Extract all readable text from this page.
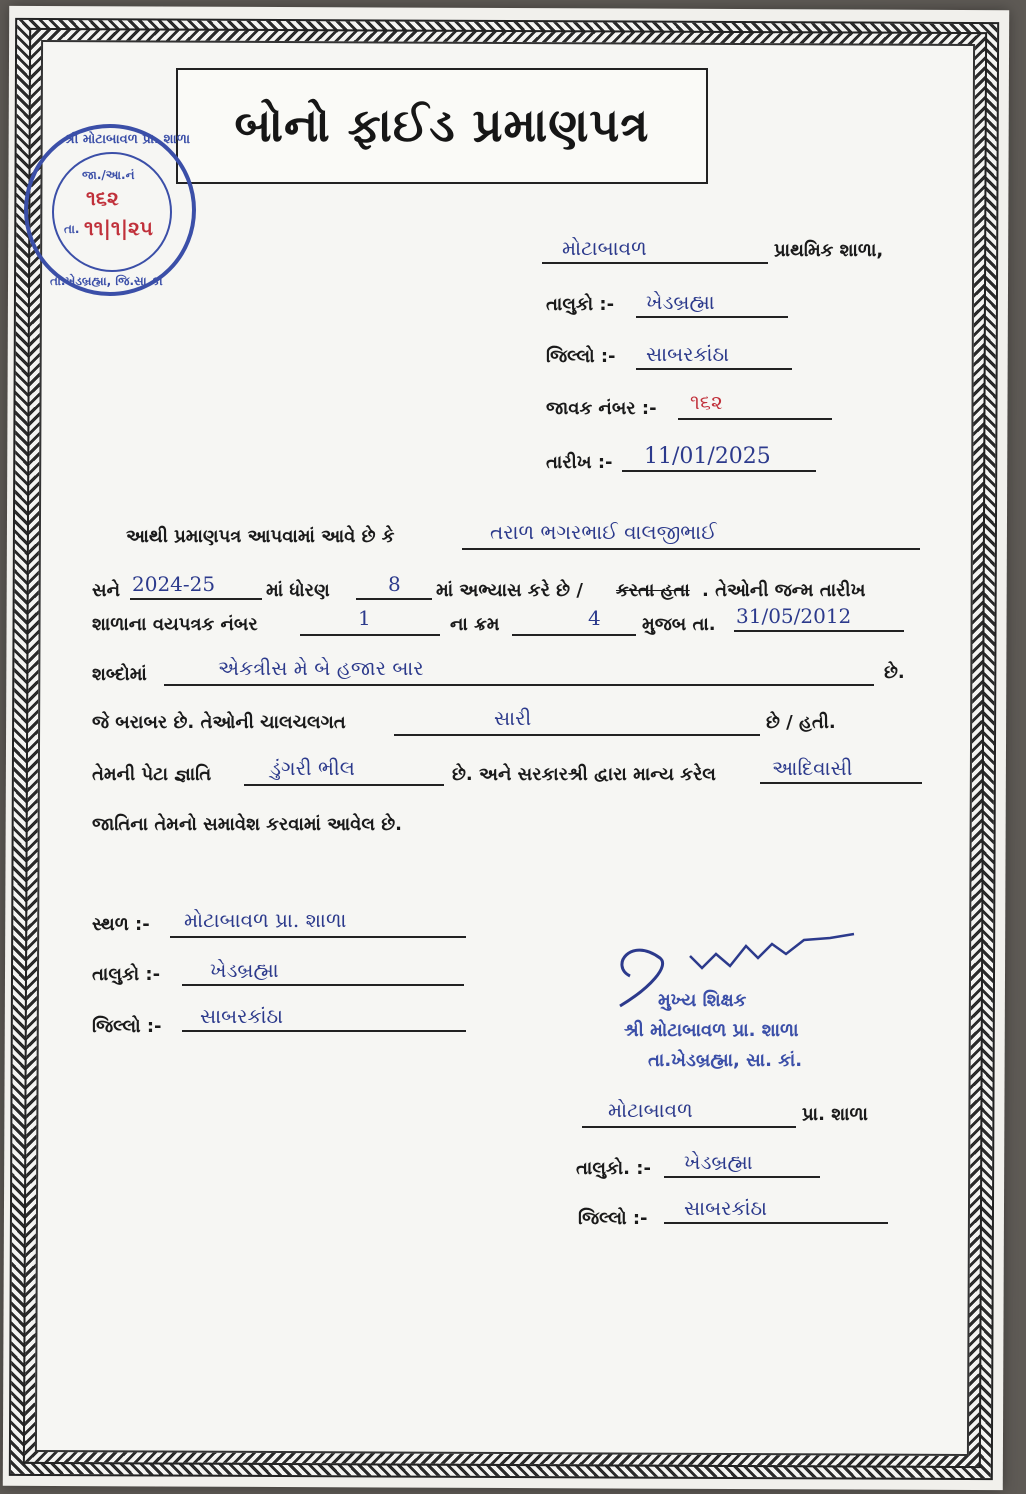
બોનો ફાઈડ પ્રમાણપત્ર
શ્રી મોટાબાવળ પ્રા. શાળા
તા.ખેડબ્રહ્મા, જિ.સા.કાં
જા./આ.નં
૧૬૨
તા. ૧૧|૧|૨૫
મોટાબાવળ	પ્રાથમિક શાળા,
તાલુકો :- ખેડબ્રહ્મા
જિલ્લો :- સાબરકાંઠા
જાવક નંબર :- ૧૬૨
તારીખ :- 11/01/2025
આથી પ્રમાણપત્ર આપવામાં આવે છે કે	તરાળ ભગરભાઈ વાલજીભાઈ
સને 2024-25	માં ધોરણ	8 માં અભ્યાસ કરે છે / કરતા હતા . તેઓની જન્મ તારીખ
શાળાના વયપત્રક નંબર	1	ના ક્રમ	4 મુજબ તા. 31/05/2012
શબ્દોમાં	એકત્રીસ મે બે હજાર બાર	છે.
જે બરાબર છે. તેઓની ચાલચલગત	સારી	છે / હતી.
તેમની પેટા જ્ઞાતિ	ડુંગરી ભીલ	છે. અને સરકારશ્રી દ્વારા માન્ય કરેલ	આદિવાસી
જાતિના તેમનો સમાવેશ કરવામાં આવેલ છે.
સ્થળ :- મોટાબાવળ પ્રા. શાળા
તાલુકો :- ખેડબ્રહ્મા
જિલ્લો :- સાબરકાંઠા
મુખ્ય શિક્ષક
શ્રી મોટાબાવળ પ્રા. શાળા
તા.ખેડબ્રહ્મા, સા. કાં.
મોટાબાવળ	પ્રા. શાળા
તાલુકો. :- ખેડબ્રહ્મા
જિલ્લો :- સાબરકાંઠા
